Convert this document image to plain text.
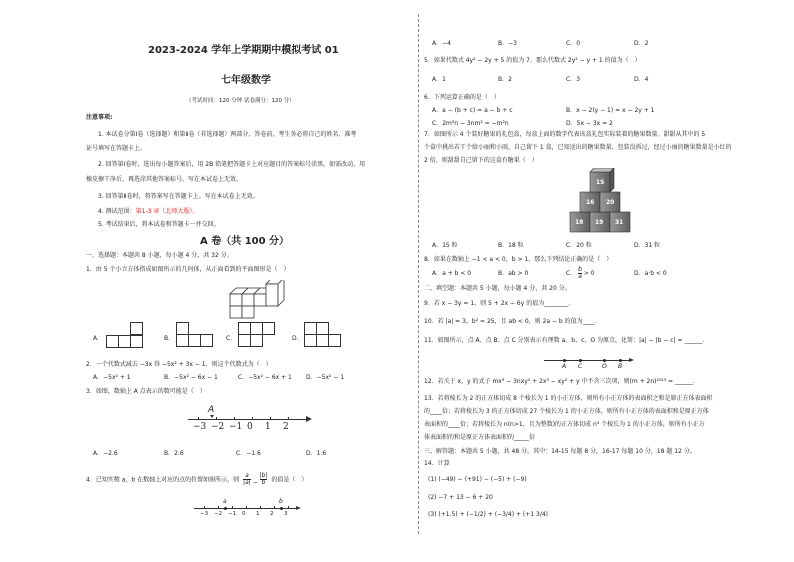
2023-2024 学年上学期期中模拟考试 01
七年级数学
（考试时间：120 分钟 试卷满分：120 分）
注意事项:
1. 本试卷分第Ⅰ卷（选择题）和第Ⅱ卷（非选择题）两部分。答卷前，考生务必将自己的姓名、准考
证号填写在答题卡上。
2. 回答第Ⅰ卷时，选出每小题答案后，用 2B 铅笔把答题卡上对应题目的答案标号涂黑。如需改动，用
橡皮擦干净后，再选涂其他答案标号。写在本试卷上无效。
3. 回答第Ⅱ卷时，将答案写在答题卡上。写在本试卷上无效。
4. 测试范围：第1-3 章（北师大版）。
5. 考试结束后，将本试卷和答题卡一并交回。
A 卷（共 100 分）
一、选择题：本题共 8 小题，每小题 4 分，共 32 分。
1．由 5 个小立方体搭成如图所示的几何体，从正面看到的平面图形是（　）
A．	B．	C．	D．
2．一个代数式减去 −3x 得 −5x² + 3x − 1，则这个代数式为（　）
A．−5x² + 1	B．−5x² − 6x − 1	C．−5x² − 6x + 1 D．−5x² − 1
3．如图，数轴上 A 点表示的数可能是（　）
A
−3 −2 −1 0 1 2
A．−2.6	B．2.6	C．−1.6	D．1.6
4．已知实数 a，b 在数轴上对应的点的位置如图所示，则 $\frac{a}{|a|} - \frac{|b|}{b}$ 的值是（　）
−3 −2 −1 0 1 2 3
a	b
A．−4	B．−3	C．0	D．2
5．如果代数式 4y² − 2y + 5 的值为 7，那么代数式 2y² − y + 1 的值为（　）
A．1	B．2	C．3	D．4
6．下列运算正确的是（　）
A．a − (b + c) = a − b + c	B．x − 2(y − 1) = x − 2y + 1
C．2m²n − 3nm² = −m²n	D．5x − 3x = 2
7．如图所示 4 个装好糖果的礼包盒，每盒上面的数字代表该盒礼包实际装着的糖果数量。甜甜从其中的 5
个盒中挑出若干个给小丽和小雨，自己留下 1 盒，已知送出的糖果数量，包装没拆过，经过小丽的糖果数量是小红的
2 倍，则甜甜自己留下的这盒有糖果（　）
15
16 20
18 19 31
A．15 粒	B．18 粒	C．20 粒	D．31 粒
8．如果在数轴上 −1 < a < 0，b > 1，那么下列结论正确的是（　）
A．a + b < 0	B．ab > 0	C． $\frac{b}{a} > 0$	D．a·b < 0
二、填空题：本题共 5 小题，每小题 4 分，共 20 分。
9．若 x − 3y = 1，则 5 + 2x − 6y 的值为________．
10．若 |a| = 3，b² = 25，且 ab < 0，则 2a − b 的值为____．
11．如图所示，点 A、点 B、点 C 分别表示有理数 a、b、c，O 为原点，化简：|a| − |b − c| = ______．
A C	O B
12．若关于 x，y 的式子 mx³ − 3nxy² + 2x³ − xy² + y 中不含三次项，则(m + 2n)²⁰²³ = ______．
13．若将棱长为 2 的正方体切成 8 个棱长为 1 的小正方体，则所有小正方体的表面积之和是原正方体表面积
的____倍；若将棱长为 3 的正方体切成 27 个棱长为 1 的小正方体，则所有小正方体的表面积和是原正方体
表面积的____倍；若将棱长为 n(n>1，且为整数)的正方体切成 n³ 个棱长为 1 的小正方体，则所有小正方
体表面积的和是原正方体表面积的_____倍
三、解答题：本题共 5 小题，共 48 分。其中：14-15 每题 8 分，16-17 每题 10 分，18 题 12 分。
14．计算
(1) (−49) − (+91) − (−5) + (−9)
(2) −7 + 13 − 6 + 20
(3) (+1.5) + (−1/2) + (−3/4) + (+1 3/4)
